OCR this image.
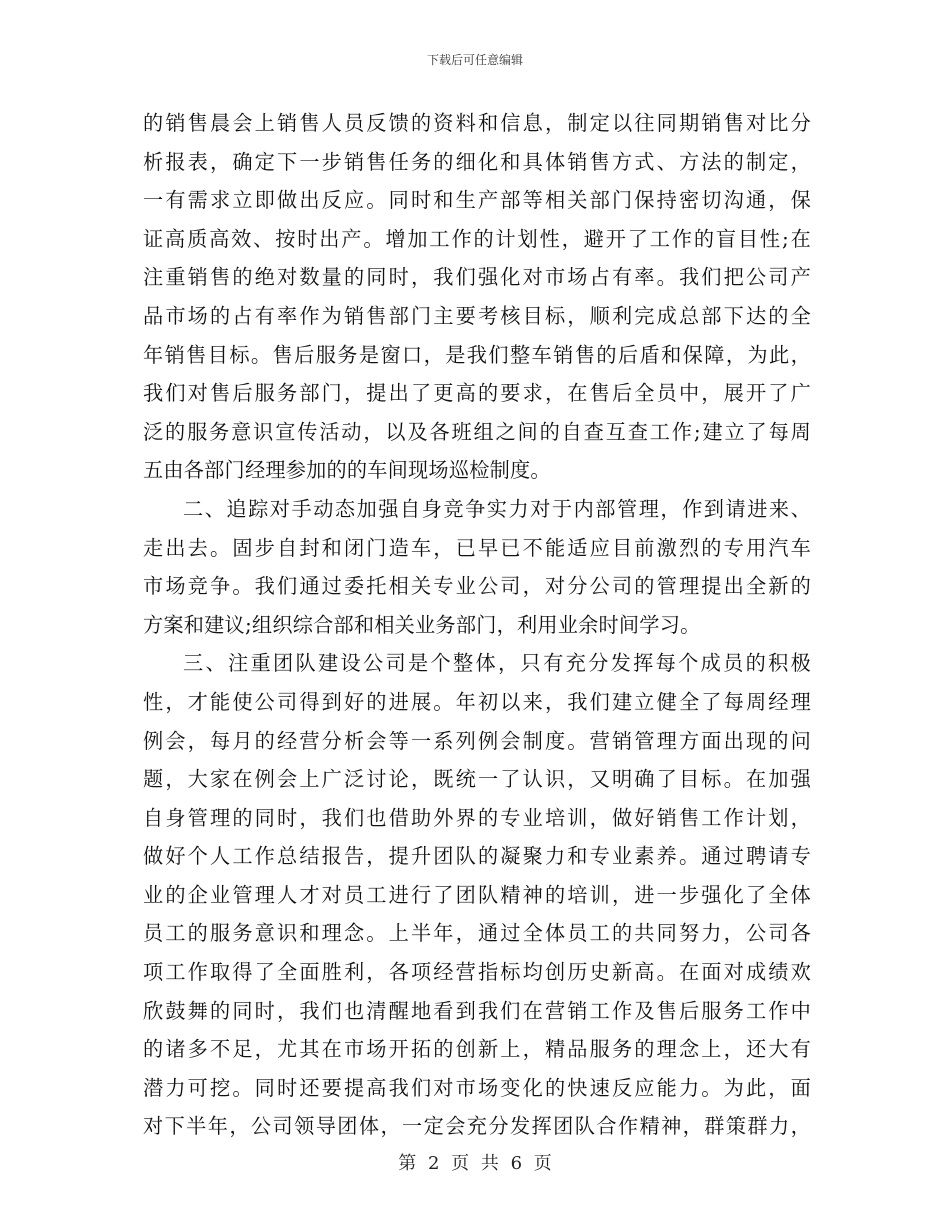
下载后可任意编辑
的销售晨会上销售人员反馈的资料和信息，制定以往同期销售对比分
析报表，确定下一步销售任务的细化和具体销售方式、方法的制定，
一有需求立即做出反应。同时和生产部等相关部门保持密切沟通，保
证高质高效、按时出产。增加工作的计划性，避开了工作的盲目性;在
注重销售的绝对数量的同时，我们强化对市场占有率。我们把公司产
品市场的占有率作为销售部门主要考核目标，顺利完成总部下达的全
年销售目标。售后服务是窗口，是我们整车销售的后盾和保障，为此，
我们对售后服务部门，提出了更高的要求，在售后全员中，展开了广
泛的服务意识宣传活动，以及各班组之间的自查互查工作;建立了每周
五由各部门经理参加的的车间现场巡检制度。
二、追踪对手动态加强自身竞争实力对于内部管理，作到请进来、
走出去。固步自封和闭门造车，已早已不能适应目前激烈的专用汽车
市场竞争。我们通过委托相关专业公司，对分公司的管理提出全新的
方案和建议;组织综合部和相关业务部门，利用业余时间学习。
三、注重团队建设公司是个整体，只有充分发挥每个成员的积极
性，才能使公司得到好的进展。年初以来，我们建立健全了每周经理
例会，每月的经营分析会等一系列例会制度。营销管理方面出现的问
题，大家在例会上广泛讨论，既统一了认识，又明确了目标。在加强
自身管理的同时，我们也借助外界的专业培训，做好销售工作计划，
做好个人工作总结报告，提升团队的凝聚力和专业素养。通过聘请专
业的企业管理人才对员工进行了团队精神的培训，进一步强化了全体
员工的服务意识和理念。上半年，通过全体员工的共同努力，公司各
项工作取得了全面胜利，各项经营指标均创历史新高。在面对成绩欢
欣鼓舞的同时，我们也清醒地看到我们在营销工作及售后服务工作中
的诸多不足，尤其在市场开拓的创新上，精品服务的理念上，还大有
潜力可挖。同时还要提高我们对市场变化的快速反应能力。为此，面
对下半年，公司领导团体，一定会充分发挥团队合作精神，群策群力，
第 2 页 共 6 页
